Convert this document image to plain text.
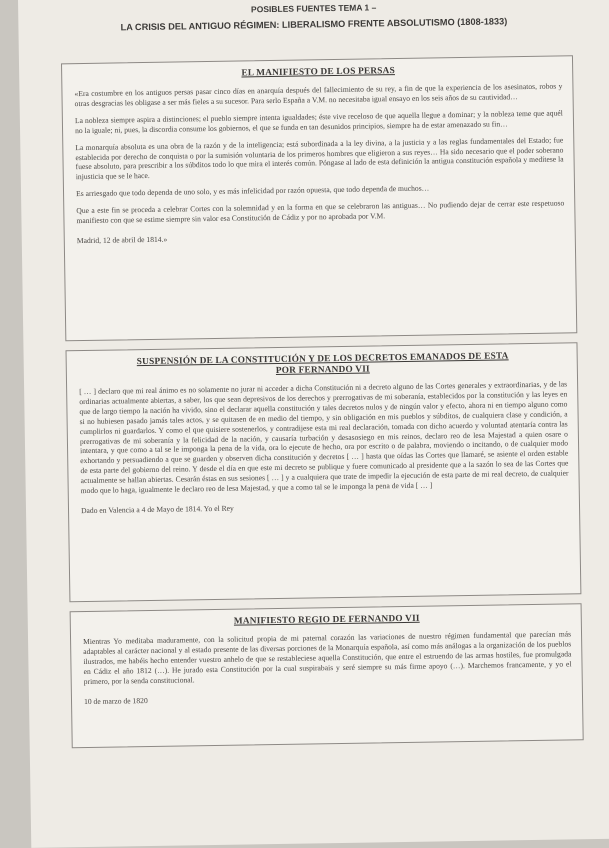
POSIBLES FUENTES TEMA 1 –
LA CRISIS DEL ANTIGUO RÉGIMEN: LIBERALISMO FRENTE ABSOLUTISMO (1808-1833)
EL MANIFIESTO DE LOS PERSAS

«Era costumbre en los antiguos persas pasar cinco días en anarquía después del fallecimiento de su rey, a fin de que la experiencia de los asesinatos, robos y otras desgracias les obligase a ser más fieles a su sucesor. Para serlo España a V.M. no necesitaba igual ensayo en los seis años de su cautividad…

La nobleza siempre aspira a distinciones; el pueblo siempre intenta igualdades; éste vive receloso de que aquella llegue a dominar; y la nobleza teme que aquél no la iguale; ni, pues, la discordia consume los gobiernos, el que se funda en tan desunidos principios, siempre ha de estar amenazado su fin…

La monarquía absoluta es una obra de la razón y de la inteligencia; está subordinada a la ley divina, a la justicia y a las reglas fundamentales del Estado; fue establecida por derecho de conquista o por la sumisión voluntaria de los primeros hombres que eligieron a sus reyes… Ha sido necesario que el poder soberano fuese absoluto, para prescribir a los súbditos todo lo que mira el interés común. Póngase al lado de esta definición la antigua constitución española y medítese la injusticia que se le hace.

Es arriesgado que todo dependa de uno solo, y es más infelicidad por razón opuesta, que todo dependa de muchos…

Que a este fin se proceda a celebrar Cortes con la solemnidad y en la forma en que se celebraron las antiguas… No pudiendo dejar de cerrar este respetuoso manifiesto con que se estime siempre sin valor esa Constitución de Cádiz y por no aprobada por V.M.

Madrid, 12 de abril de 1814.»

SUSPENSIÓN DE LA CONSTITUCIÓN Y DE LOS DECRETOS EMANADOS DE ESTA
POR FERNANDO VII

[ … ] declaro que mi real ánimo es no solamente no jurar ni acceder a dicha Constitución ni a decreto alguno de las Cortes generales y extraordinarias, y de las ordinarias actualmente abiertas, a saber, los que sean depresivos de los derechos y prerrogativas de mi soberanía, establecidos por la constitución y las leyes en que de largo tiempo la nación ha vivido, sino el declarar aquella constitución y tales decretos nulos y de ningún valor y efecto, ahora ni en tiempo alguno como si no hubiesen pasado jamás tales actos, y se quitasen de en medio del tiempo, y sin obligación en mis pueblos y súbditos, de cualquiera clase y condición, a cumplirlos ni guardarlos. Y como el que quisiere sostenerlos, y contradijese esta mi real declaración, tomada con dicho acuerdo y voluntad atentaría contra las prerrogativas de mi soberanía y la felicidad de la nación, y causaría turbación y desasosiego en mis reinos, declaro reo de lesa Majestad a quien osare o intentara, y que como a tal se le imponga la pena de la vida, ora lo ejecute de hecho, ora por escrito o de palabra, moviendo o incitando, o de cualquier modo exhortando y persuadiendo a que se guarden y observen dicha constitución y decretos [ … ] hasta que oídas las Cortes que llamaré, se asiente el orden estable de esta parte del gobierno del reino. Y desde el día en que este mi decreto se publique y fuere comunicado al presidente que a la sazón lo sea de las Cortes que actualmente se hallan abiertas. Cesarán éstas en sus sesiones [ … ] y a cualquiera que trate de impedir la ejecución de esta parte de mi real decreto, de cualquier modo que lo haga, igualmente le declaro reo de lesa Majestad, y que a como tal se le imponga la pena de vida [ … ]

Dado en Valencia a 4 de Mayo de 1814. Yo el Rey

MANIFIESTO REGIO DE FERNANDO VII

Mientras Yo meditaba maduramente, con la solicitud propia de mi paternal corazón las variaciones de nuestro régimen fundamental que parecían más adaptables al carácter nacional y al estado presente de las diversas porciones de la Monarquía española, así como más análogas a la organización de los pueblos ilustrados, me habéis hecho entender vuestro anhelo de que se restableciese aquella Constitución, que entre el estruendo de las armas hostiles, fue promulgada en Cádiz el año 1812 (…). He jurado esta Constitución por la cual suspirabais y seré siempre su más firme apoyo (…). Marchemos francamente, y yo el primero, por la senda constitucional.

10 de marzo de 1820
